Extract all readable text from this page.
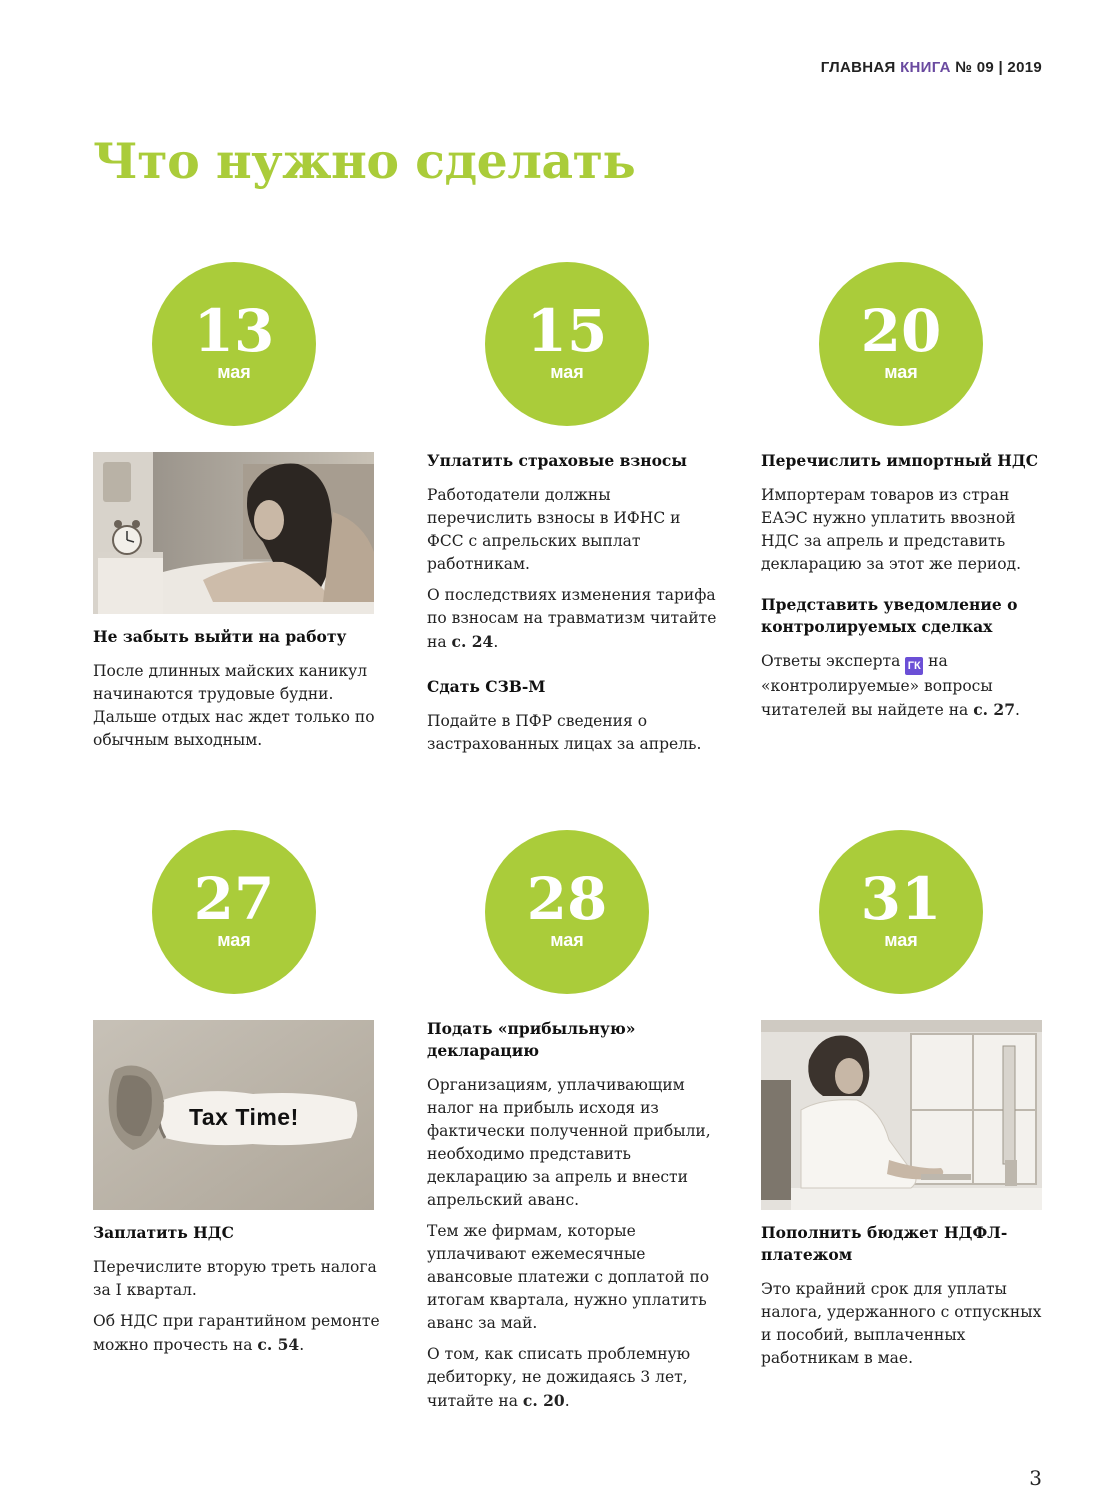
ГЛАВНАЯ КНИГА № 09 | 2019
Что нужно сделать
13
мая
15
мая
20
мая
Не забыть выйти на работу

После длинных майских каникул начинаются трудовые будни. Дальше отдых нас ждет только по обычным выходным.

Уплатить страховые взносы

Работодатели должны перечислить взносы в ИФНС и ФСС с апрельских выплат работникам.

О последствиях изменения тарифа по взносам на травматизм читайте на с. 24.

Сдать СЗВ-М

Подайте в ПФР сведения о застрахованных лицах за апрель.

Перечислить импортный НДС

Импортерам товаров из стран ЕАЭС нужно уплатить ввозной НДС за апрель и представить декларацию за этот же период.

Представить уведомление о контролируемых сделках

Ответы эксперта ГК на «контролируемые» вопросы читателей вы найдете на с. 27.

27
мая
28
мая
31
мая
Tax Time!
Заплатить НДС

Перечислите вторую треть налога за I квартал.

Об НДС при гарантийном ремонте можно прочесть на с. 54.

Подать «прибыльную» декларацию

Организациям, уплачивающим налог на прибыль исходя из фактически полученной прибыли, необходимо представить декларацию за апрель и внести апрельский аванс.

Тем же фирмам, которые уплачивают ежемесячные авансовые платежи с доплатой по итогам квартала, нужно уплатить аванс за май.

О том, как списать проблемную дебиторку, не дожидаясь 3 лет, читайте на с. 20.

Пополнить бюджет НДФЛ-платежом

Это крайний срок для уплаты налога, удержанного с отпускных и пособий, выплаченных работникам в мае.

3
